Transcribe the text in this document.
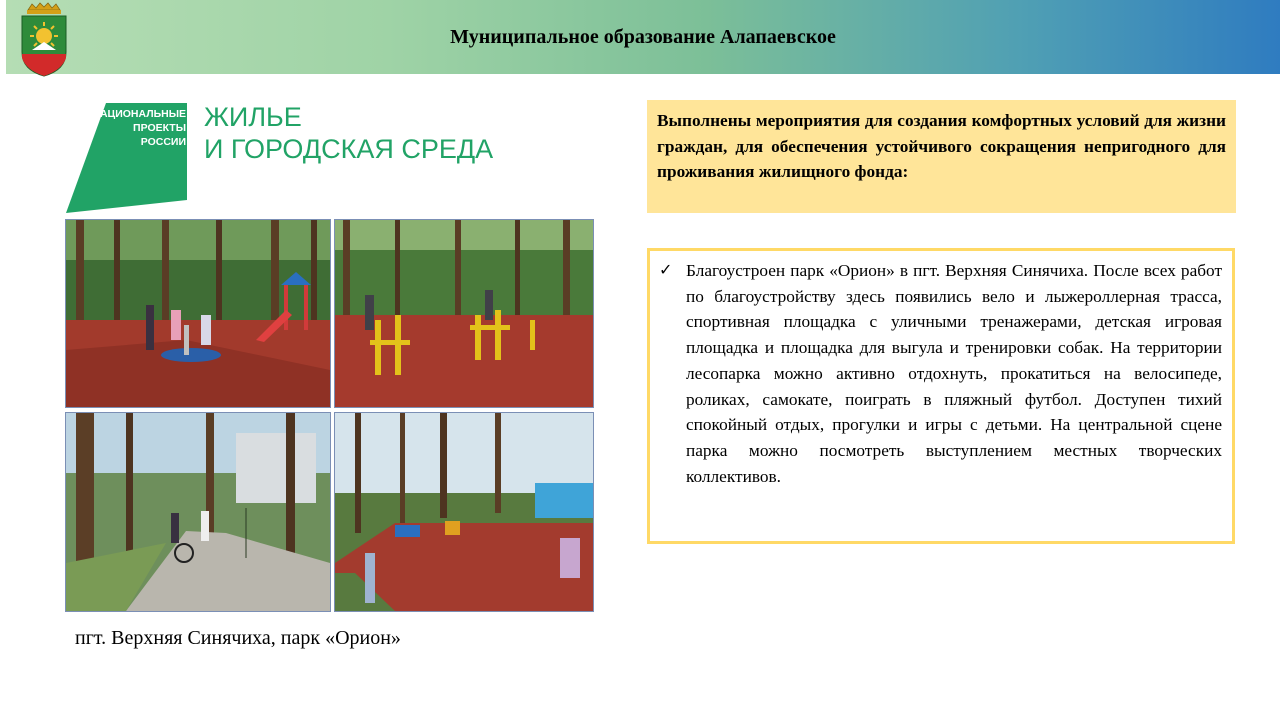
Муниципальное образование Алапаевское
НАЦИОНАЛЬНЫЕ
ПРОЕКТЫ
РОССИИ
ЖИЛЬЕ
И ГОРОДСКАЯ СРЕДА
пгт. Верхняя Синячиха, парк «Орион»
Выполнены мероприятия для создания комфортных условий для жизни граждан, для обеспечения устойчивого сокращения непригодного для проживания жилищного фонда:
✓ Благоустроен парк «Орион» в пгт. Верхняя Синячиха. После всех работ по благоустройству здесь появились вело и лыжероллерная трасса, спортивная площадка с уличными тренажерами, детская игровая площадка и площадка для выгула и тренировки собак. На территории лесопарка можно активно отдохнуть, прокатиться на велосипеде, роликах, самокате, поиграть в пляжный футбол. Доступен тихий спокойный отдых, прогулки и игры с детьми. На центральной сцене парка можно посмотреть выступлением местных творческих коллективов.
